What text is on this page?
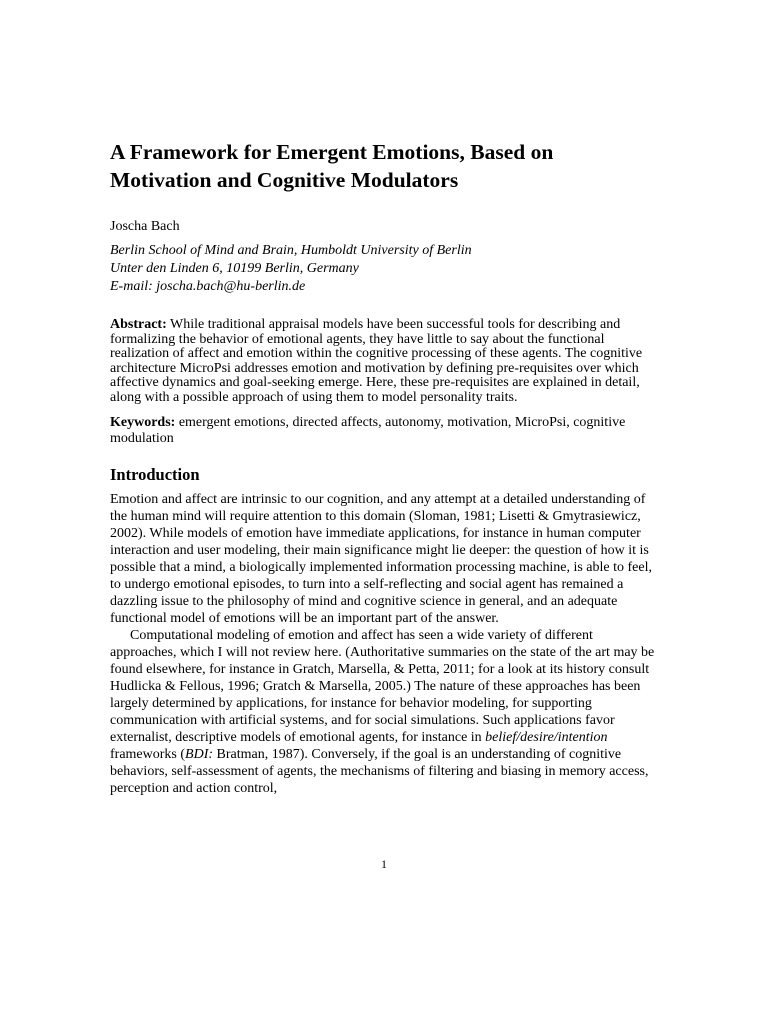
A Framework for Emergent Emotions, Based on
Motivation and Cognitive Modulators
Joscha Bach
Berlin School of Mind and Brain, Humboldt University of Berlin
Unter den Linden 6, 10199 Berlin, Germany
E-mail: joscha.bach@hu-berlin.de
Abstract: While traditional appraisal models have been successful tools for describing and formalizing the behavior of emotional agents, they have little to say about the functional realization of affect and emotion within the cognitive processing of these agents. The cognitive architecture MicroPsi addresses emotion and motivation by defining pre-requisites over which affective dynamics and goal-seeking emerge. Here, these pre-requisites are explained in detail, along with a possible approach of using them to model personality traits.
Keywords: emergent emotions, directed affects, autonomy, motivation, MicroPsi, cognitive modulation
Introduction

Emotion and affect are intrinsic to our cognition, and any attempt at a detailed understanding of the human mind will require attention to this domain (Sloman, 1981; Lisetti & Gmytrasiewicz, 2002). While models of emotion have immediate applications, for instance in human computer interaction and user modeling, their main significance might lie deeper: the question of how it is possible that a mind, a biologically implemented information processing machine, is able to feel, to undergo emotional episodes, to turn into a self-reflecting and social agent has remained a dazzling issue to the philosophy of mind and cognitive science in general, and an adequate functional model of emotions will be an important part of the answer.

Computational modeling of emotion and affect has seen a wide variety of different approaches, which I will not review here. (Authoritative summaries on the state of the art may be found elsewhere, for instance in Gratch, Marsella, & Petta, 2011; for a look at its history consult Hudlicka & Fellous, 1996; Gratch & Marsella, 2005.) The nature of these approaches has been largely determined by applications, for instance for behavior modeling, for supporting communication with artificial systems, and for social simulations. Such applications favor externalist, descriptive models of emotional agents, for instance in belief/desire/intention frameworks (BDI: Bratman, 1987). Conversely, if the goal is an understanding of cognitive behaviors, self-assessment of agents, the mechanisms of filtering and biasing in memory access, perception and action control,

1
